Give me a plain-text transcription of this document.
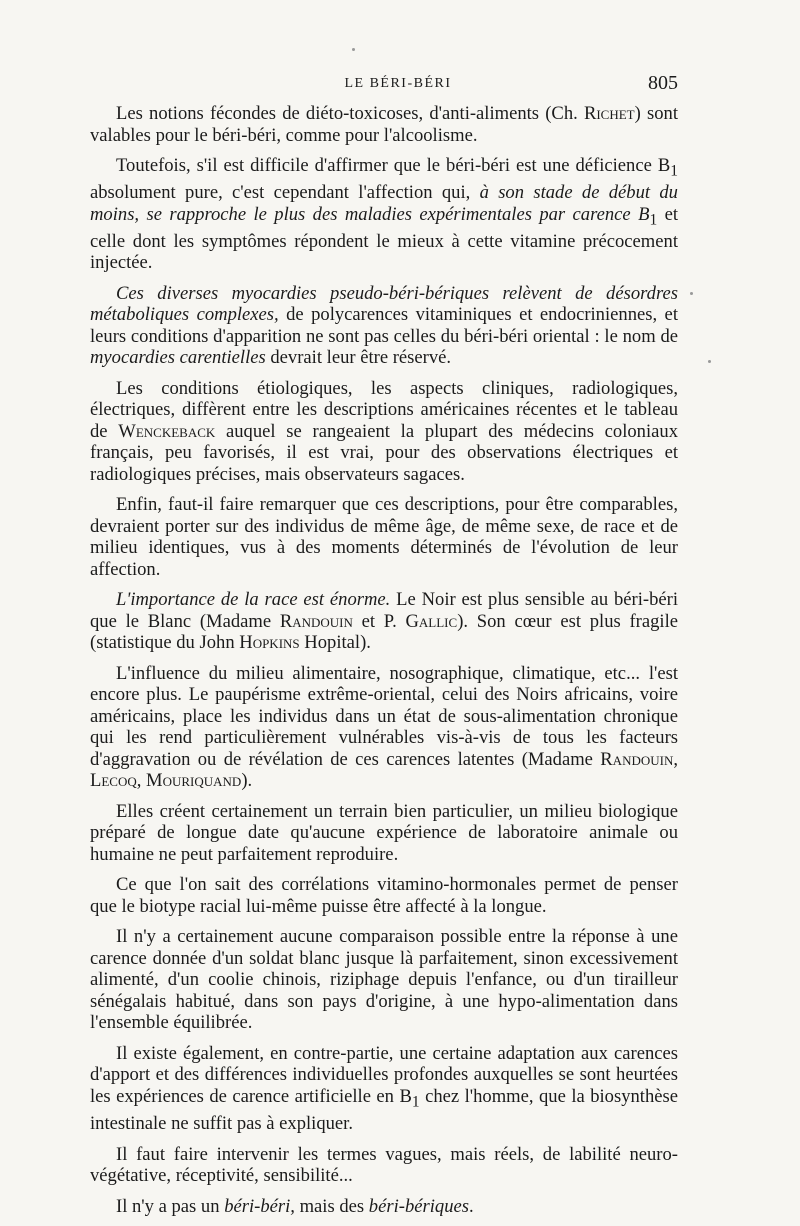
LE BÉRI-BÉRI	805

Les notions fécondes de diéto-toxicoses, d'anti-aliments (Ch. Richet) sont valables pour le béri-béri, comme pour l'alcoolisme.

Toutefois, s'il est difficile d'affirmer que le béri-béri est une déficience $B_1$ absolument pure, c'est cependant l'affection qui, à son stade de début du moins, se rapproche le plus des maladies expérimentales par carence $B_1$ et celle dont les symptômes répondent le mieux à cette vitamine précocement injectée.

Ces diverses myocardies pseudo-béri-bériques relèvent de désordres métaboliques complexes, de polycarences vitaminiques et endocriniennes, et leurs conditions d'apparition ne sont pas celles du béri-béri oriental : le nom de myocardies carentielles devrait leur être réservé.

Les conditions étiologiques, les aspects cliniques, radiologiques, électriques, diffèrent entre les descriptions américaines récentes et le tableau de Wenckeback auquel se rangeaient la plupart des médecins coloniaux français, peu favorisés, il est vrai, pour des observations électriques et radiologiques précises, mais observateurs sagaces.

Enfin, faut-il faire remarquer que ces descriptions, pour être comparables, devraient porter sur des individus de même âge, de même sexe, de race et de milieu identiques, vus à des moments déterminés de l'évolution de leur affection.

L'importance de la race est énorme. Le Noir est plus sensible au béri-béri que le Blanc (Madame Randouin et P. Gallic). Son cœur est plus fragile (statistique du John Hopkins Hopital).

L'influence du milieu alimentaire, nosographique, climatique, etc... l'est encore plus. Le paupérisme extrême-oriental, celui des Noirs africains, voire américains, place les individus dans un état de sous-alimentation chronique qui les rend particulièrement vulnérables vis-à-vis de tous les facteurs d'aggravation ou de révélation de ces carences latentes (Madame Randouin, Lecoq, Mouriquand).

Elles créent certainement un terrain bien particulier, un milieu biologique préparé de longue date qu'aucune expérience de laboratoire animale ou humaine ne peut parfaitement reproduire.

Ce que l'on sait des corrélations vitamino-hormonales permet de penser que le biotype racial lui-même puisse être affecté à la longue.

Il n'y a certainement aucune comparaison possible entre la réponse à une carence donnée d'un soldat blanc jusque là parfaitement, sinon excessivement alimenté, d'un coolie chinois, riziphage depuis l'enfance, ou d'un tirailleur sénégalais habitué, dans son pays d'origine, à une hypo-alimentation dans l'ensemble équilibrée.

Il existe également, en contre-partie, une certaine adaptation aux carences d'apport et des différences individuelles profondes auxquelles se sont heurtées les expériences de carence artificielle en $B_1$ chez l'homme, que la biosynthèse intestinale ne suffit pas à expliquer.

Il faut faire intervenir les termes vagues, mais réels, de labilité neuro-végétative, réceptivité, sensibilité...

Il n'y a pas un béri-béri, mais des béri-bériques.
